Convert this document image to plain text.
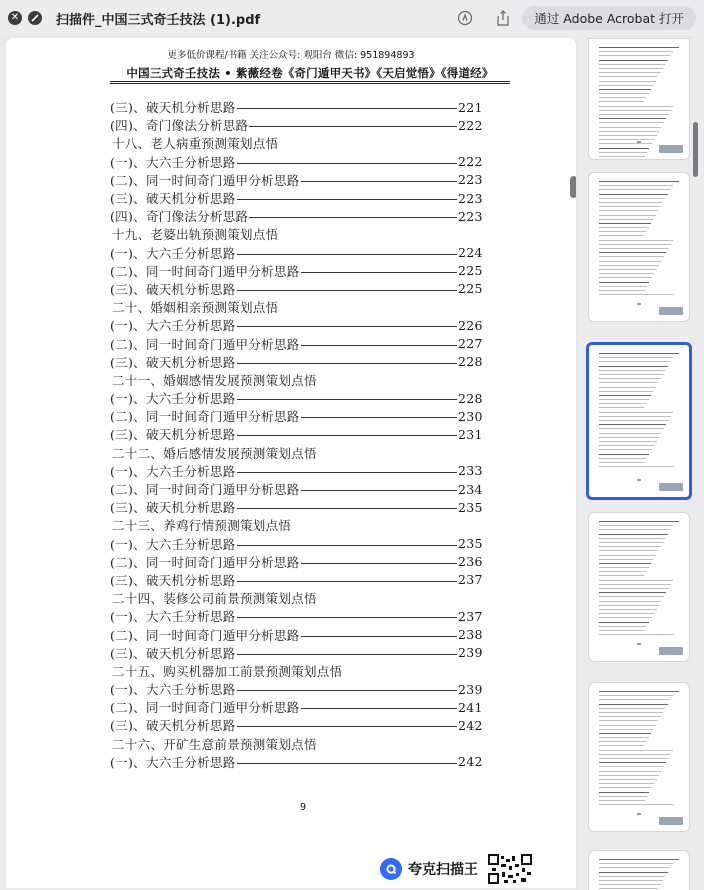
✕	扫描件_中国三式奇壬技法 (1).pdf	通过 Adobe Acrobat 打开
更多低价课程/书籍 关注公众号: 观阳台 微信: 951894893
中国三式奇壬技法 • 紫薇经卷《奇门遁甲天书》《天启觉悟》《得道经》
(三)、破天机分析思路	221
(四)、奇门像法分析思路	222
十八、老人病重预测策划点悟
(一)、大六壬分析思路	222
(二)、同一时间奇门遁甲分析思路	223
(三)、破天机分析思路	223
(四)、奇门像法分析思路	223
十九、老婆出轨预测策划点悟
(一)、大六壬分析思路	224
(二)、同一时间奇门遁甲分析思路	225
(三)、破天机分析思路	225
二十、婚姻相亲预测策划点悟
(一)、大六壬分析思路	226
(二)、同一时间奇门遁甲分析思路	227
(三)、破天机分析思路	228
二十一、婚姻感情发展预测策划点悟
(一)、大六壬分析思路	228
(二)、同一时间奇门遁甲分析思路	230
(三)、破天机分析思路	231
二十二、婚后感情发展预测策划点悟
(一)、大六壬分析思路	233
(二)、同一时间奇门遁甲分析思路	234
(三)、破天机分析思路	235
二十三、养鸡行情预测策划点悟
(一)、大六壬分析思路	235
(二)、同一时间奇门遁甲分析思路	236
(三)、破天机分析思路	237
二十四、装修公司前景预测策划点悟
(一)、大六壬分析思路	237
(二)、同一时间奇门遁甲分析思路	238
(三)、破天机分析思路	239
二十五、购买机器加工前景预测策划点悟
(一)、大六壬分析思路	239
(二)、同一时间奇门遁甲分析思路	241
(三)、破天机分析思路	242
二十六、开矿生意前景预测策划点悟
(一)、大六壬分析思路	242
9
夸克扫描王
